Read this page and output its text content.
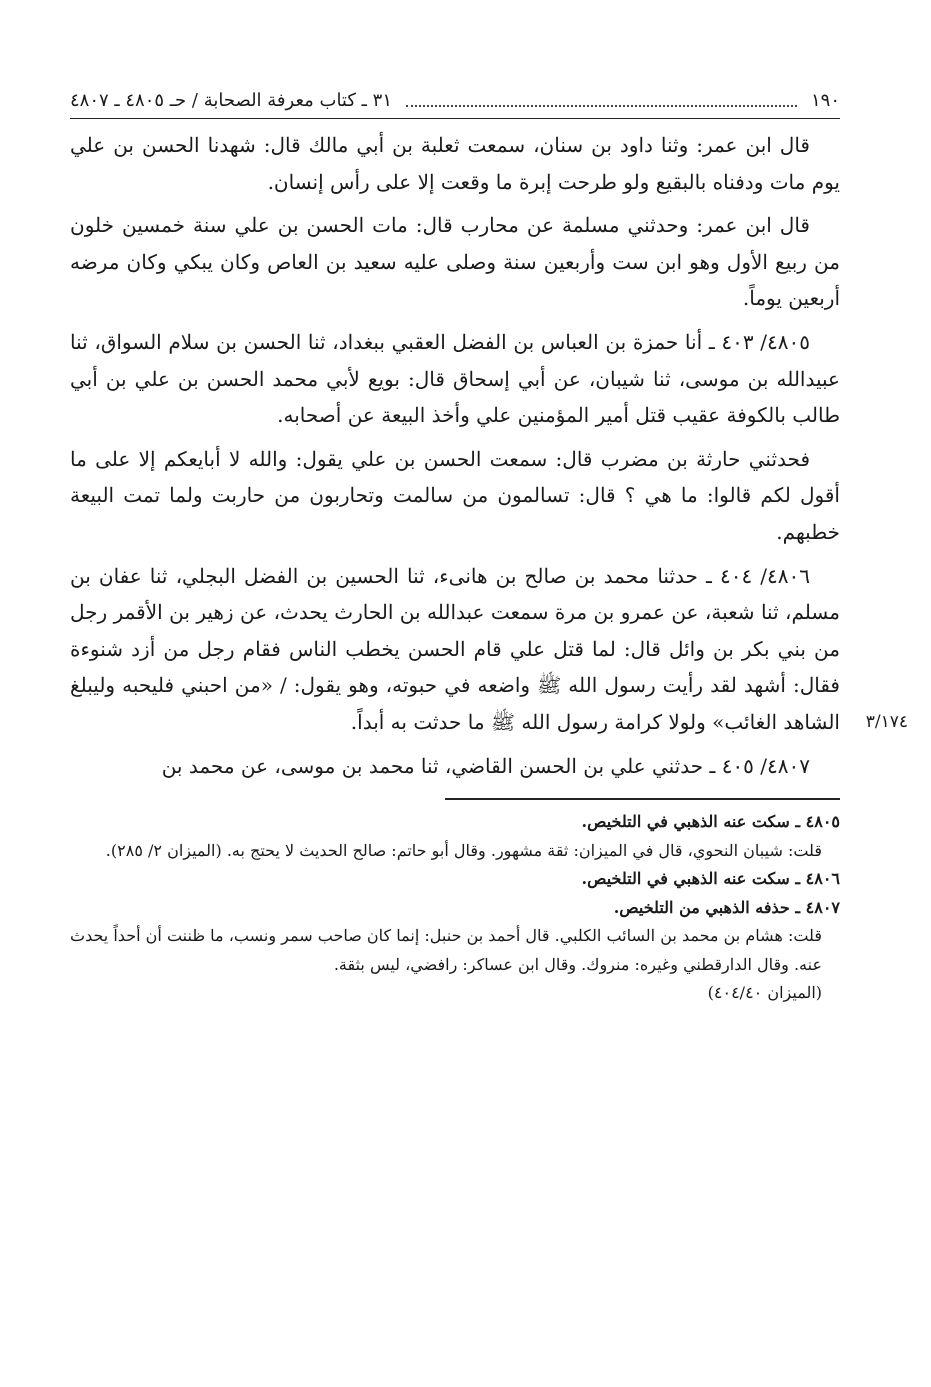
١٩٠
٣١ ـ كتاب معرفة الصحابة / حـ ٤٨٠٥ ـ ٤٨٠٧

قال ابن عمر: وثنا داود بن سنان، سمعت ثعلبة بن أبي مالك قال: شهدنا الحسن بن علي يوم مات ودفناه بالبقيع ولو طرحت إبرة ما وقعت إلا على رأس إنسان.

قال ابن عمر: وحدثني مسلمة عن محارب قال: مات الحسن بن علي سنة خمسين خلون من ربيع الأول وهو ابن ست وأربعين سنة وصلى عليه سعيد بن العاص وكان يبكي وكان مرضه أربعين يوماً.

٤٨٠٥/ ٤٠٣ ـ أنا حمزة بن العباس بن الفضل العقبي ببغداد، ثنا الحسن بن سلام السواق، ثنا عبيدالله بن موسى، ثنا شيبان، عن أبي إسحاق قال: بويع لأبي محمد الحسن بن علي بن أبي طالب بالكوفة عقيب قتل أمير المؤمنين علي وأخذ البيعة عن أصحابه.

فحدثني حارثة بن مضرب قال: سمعت الحسن بن علي يقول: والله لا أبايعكم إلا على ما أقول لكم قالوا: ما هي ؟ قال: تسالمون من سالمت وتحاربون من حاربت ولما تمت البيعة خطبهم.

٣/١٧٤

٤٨٠٦/ ٤٠٤ ـ حدثنا محمد بن صالح بن هانىء، ثنا الحسين بن الفضل البجلي، ثنا عفان بن مسلم، ثنا شعبة، عن عمرو بن مرة سمعت عبدالله بن الحارث يحدث، عن زهير بن الأقمر رجل من بني بكر بن وائل قال: لما قتل علي قام الحسن يخطب الناس فقام رجل من أزد شنوءة فقال: أشهد لقد رأيت رسول الله ﷺ واضعه في حبوته، وهو يقول: / «من احبني فليحبه وليبلغ الشاهد الغائب» ولولا كرامة رسول الله ﷺ ما حدثت به أبداً.

٤٨٠٧/ ٤٠٥ ـ حدثني علي بن الحسن القاضي، ثنا محمد بن موسى، عن محمد بن

٤٨٠٥ ـ سكت عنه الذهبي في التلخيص.

قلت: شيبان النحوي، قال في الميزان: ثقة مشهور. وقال أبو حاتم: صالح الحديث لا يحتج به. (الميزان ٢/ ٢٨٥).

٤٨٠٦ ـ سكت عنه الذهبي في التلخيص.

٤٨٠٧ ـ حذفه الذهبي من التلخيص.

قلت: هشام بن محمد بن السائب الكلبي. قال أحمد بن حنبل: إنما كان صاحب سمر ونسب، ما ظننت أن أحداً يحدث عنه. وقال الدارقطني وغيره: منروك. وقال ابن عساكر: رافضي، ليس بثقة.

(الميزان ٤٠٤/٤٠)
